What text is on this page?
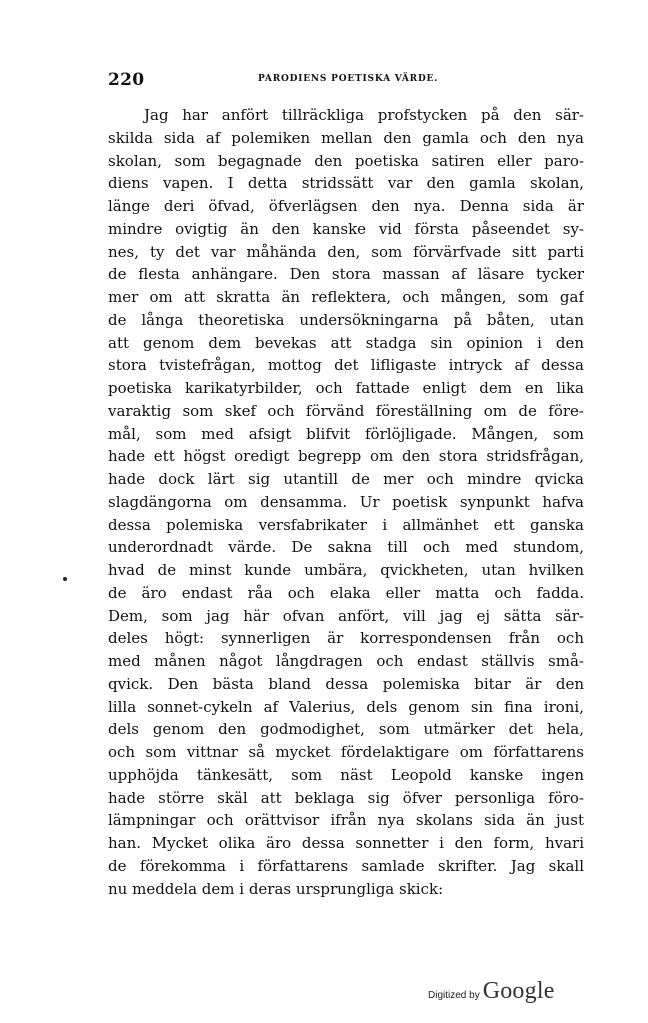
220	PARODIENS POETISKA VÄRDE.
Jag har anfört tillräckliga profstycken på den sär-
skilda sida af polemiken mellan den gamla och den nya
skolan, som begagnade den poetiska satiren eller paro-
diens vapen. I detta stridssätt var den gamla skolan,
länge deri öfvad, öfverlägsen den nya. Denna sida är
mindre ovigtig än den kanske vid första påseendet sy-
nes, ty det var måhända den, som förvärfvade sitt parti
de flesta anhängare. Den stora massan af läsare tycker
mer om att skratta än reflektera, och mången, som gaf
de långa theoretiska undersökningarna på båten, utan
att genom dem bevekas att stadga sin opinion i den
stora tvistefrågan, mottog det lifligaste intryck af dessa
poetiska karikatyrbilder, och fattade enligt dem en lika
varaktig som skef och förvänd föreställning om de före-
mål, som med afsigt blifvit förlöjligade. Mången, som
hade ett högst oredigt begrepp om den stora stridsfrågan,
hade dock lärt sig utantill de mer och mindre qvicka
slagdängorna om densamma. Ur poetisk synpunkt hafva
dessa polemiska versfabrikater i allmänhet ett ganska
underordnadt värde. De sakna till och med stundom,
hvad de minst kunde umbära, qvickheten, utan hvilken
de äro endast råa och elaka eller matta och fadda.
Dem, som jag här ofvan anfört, vill jag ej sätta sär-
deles högt: synnerligen är korrespondensen från och
med månen något långdragen och endast ställvis små-
qvick. Den bästa bland dessa polemiska bitar är den
lilla sonnet-cykeln af Valerius, dels genom sin fina ironi,
dels genom den godmodighet, som utmärker det hela,
och som vittnar så mycket fördelaktigare om författarens
upphöjda tänkesätt, som näst Leopold kanske ingen
hade större skäl att beklaga sig öfver personliga föro-
lämpningar och orättvisor ifrån nya skolans sida än just
han. Mycket olika äro dessa sonnetter i den form, hvari
de förekomma i författarens samlade skrifter. Jag skall
nu meddela dem i deras ursprungliga skick:
Digitized by Google
